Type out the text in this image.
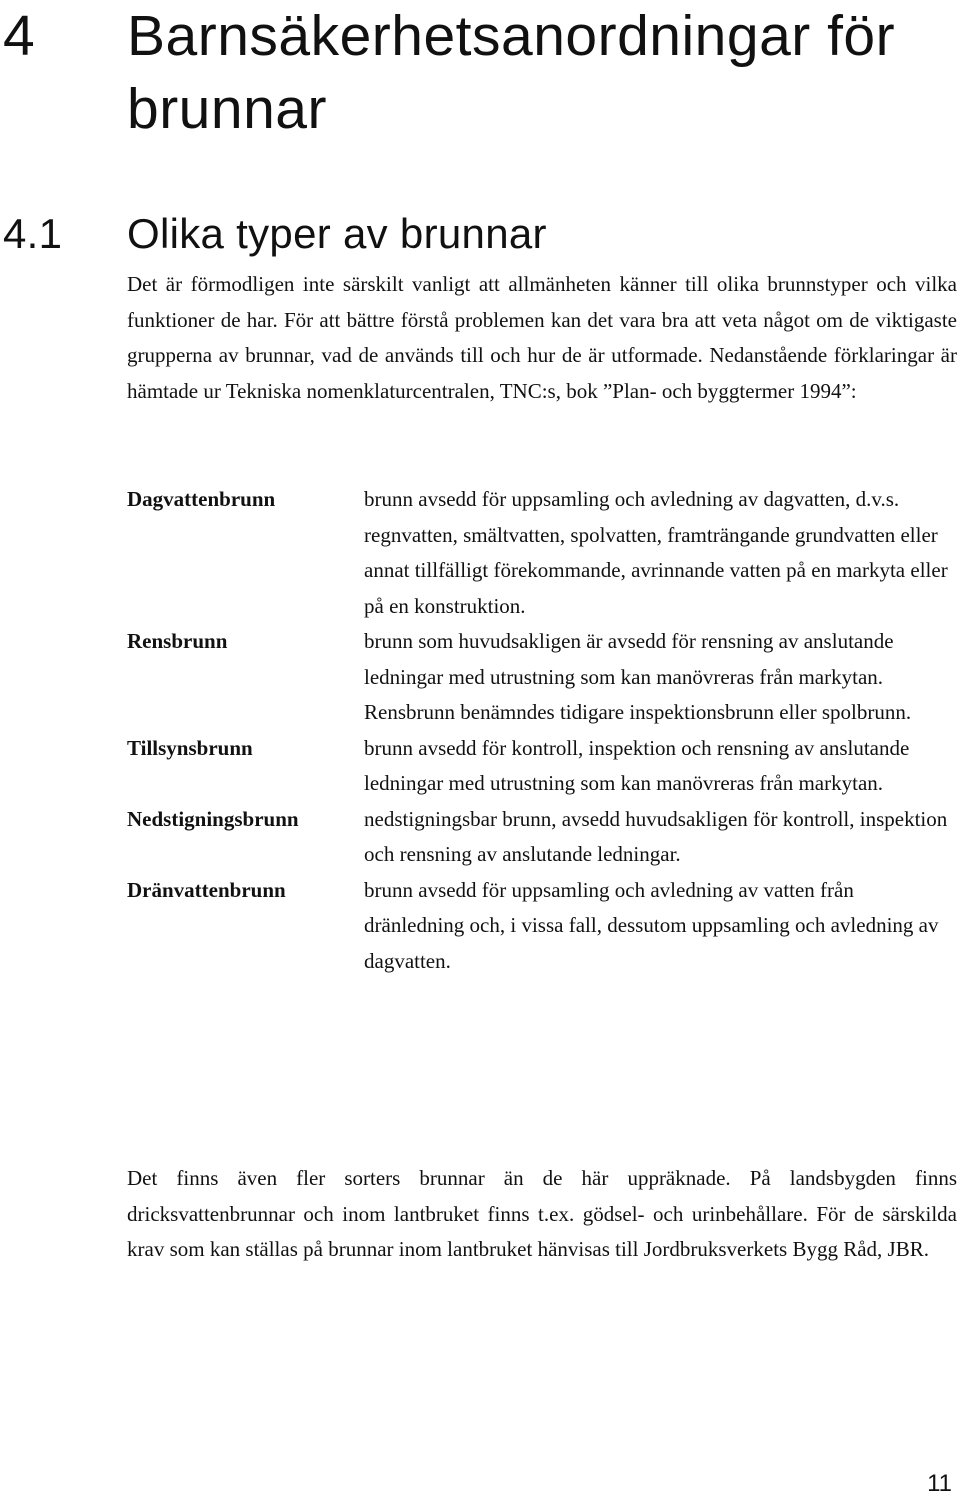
4 Barnsäkerhetsanordningar för brunnar
4.1 Olika typer av brunnar

Det är förmodligen inte särskilt vanligt att allmänheten känner till olika brunnstyper och vilka funktioner de har. För att bättre förstå problemen kan det vara bra att veta något om de viktigaste grupperna av brunnar, vad de används till och hur de är utformade. Nedanstående förklaringar är hämtade ur Tekniska nomenklaturcentralen, TNC:s, bok ”Plan- och byggtermer 1994”:

Dagvattenbrunn	brunn avsedd för uppsamling och avledning av dagvatten, d.v.s. regnvatten, smältvatten, spolvatten, framträngande grundvatten eller annat tillfälligt förekommande, avrinnande vatten på en markyta eller på en konstruktion.
Rensbrunn	brunn som huvudsakligen är avsedd för rensning av anslutande ledningar med utrustning som kan manövreras från markytan. Rensbrunn benämndes tidigare inspektionsbrunn eller spolbrunn.
Tillsynsbrunn	brunn avsedd för kontroll, inspektion och rensning av anslutande ledningar med utrustning som kan manövreras från markytan.
Nedstigningsbrunn	nedstigningsbar brunn, avsedd huvudsakligen för kontroll, inspektion och rensning av anslutande ledningar.
Dränvattenbrunn	brunn avsedd för uppsamling och avledning av vatten från dränledning och, i vissa fall, dessutom uppsamling och avledning av dagvatten.

Det finns även fler sorters brunnar än de här uppräknade. På landsbygden finns dricksvattenbrunnar och inom lantbruket finns t.ex. gödsel- och urinbehållare. För de särskilda krav som kan ställas på brunnar inom lantbruket hänvisas till Jordbruksverkets Bygg Råd, JBR.

11
